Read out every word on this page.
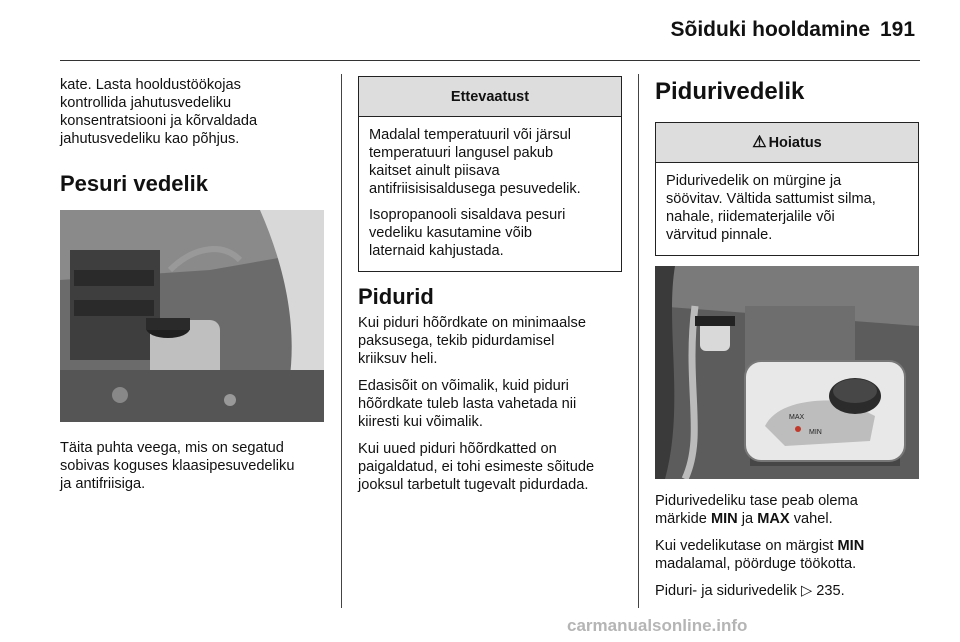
Sõiduki hooldamine 191

kate. Lasta hooldustöökojas
kontrollida jahutusvedeliku
konsentratsiooni ja kõrvaldada
jahutusvedeliku kao põhjus.

Pesuri vedelik

Täita puhta veega, mis on segatud
sobivas koguses klaasipesuvedeliku
ja antifriisiga.

Ettevaatust

Madalal temperatuuril või järsul
temperatuuri langusel pakub
kaitset ainult piisava
antifriisisisaldusega pesuvedelik.

Isopropanooli sisaldava pesuri
vedeliku kasutamine võib
laternaid kahjustada.

Pidurid

Kui piduri hõõrdkate on minimaalse
paksusega, tekib pidurdamisel
kriiksuv heli.

Edasisõit on võimalik, kuid piduri
hõõrdkate tuleb lasta vahetada nii
kiiresti kui võimalik.

Kui uued piduri hõõrdkatted on
paigaldatud, ei tohi esimeste sõitude
jooksul tarbetult tugevalt pidurdada.

Pidurivedelik
⚠ Hoiatus

Pidurivedelik on mürgine ja
söövitav. Vältida sattumist silma,
nahale, riidematerjalile või
värvitud pinnale.

MAX
MIN

Pidurivedeliku tase peab olema
märkide MIN ja MAX vahel.

Kui vedelikutase on märgist MIN
madalamal, pöörduge töökotta.

Piduri- ja sidurivedelik ▷ 235.

carmanualsonline.info
